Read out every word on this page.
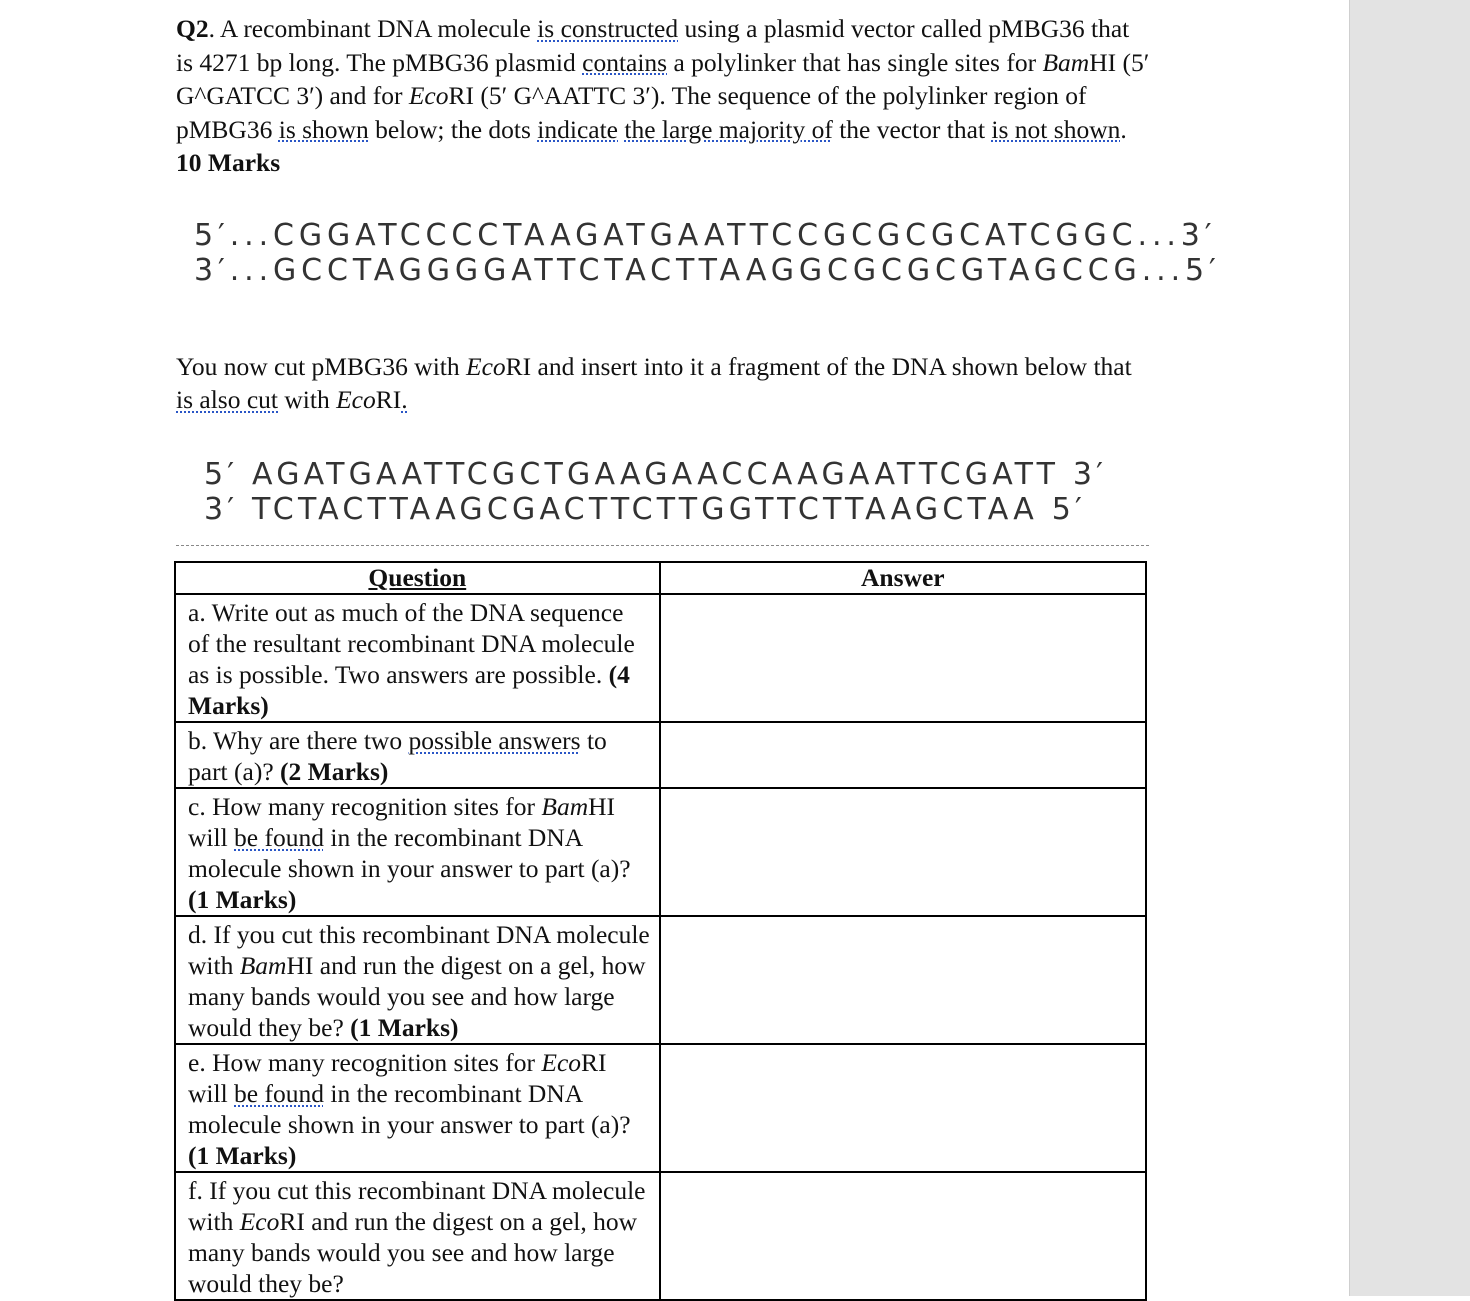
Q2. A recombinant DNA molecule is constructed using a plasmid vector called pMBG36 that is 4271 bp long. The pMBG36 plasmid contains a polylinker that has single sites for BamHI (5′ G^GATCC 3′) and for EcoRI (5′ G^AATTC 3′). The sequence of the polylinker region of pMBG36 is shown below; the dots indicate the large majority of the vector that is not shown. 10 Marks

5′...CGGATCCCCTAAGATGAATTCCGCGCGCATCGGC...3′
3′...GCCTAGGGGATTCTACTTAAGGCGCGCGTAGCCG...5′

You now cut pMBG36 with EcoRI and insert into it a fragment of the DNA shown below that is also cut with EcoRI.

5′ AGATGAATTCGCTGAAGAACCAAGAATTCGATT 3′
3′ TCTACTTAAGCGACTTCTTGGTTCTTAAGCTAA 5′
Question	Answer
a. Write out as much of the DNA sequence of the resultant recombinant DNA molecule as is possible. Two answers are possible. (4 Marks)	
b. Why are there two possible answers to part (a)? (2 Marks)	
c. How many recognition sites for BamHI will be found in the recombinant DNA molecule shown in your answer to part (a)? (1 Marks)	
d. If you cut this recombinant DNA molecule with BamHI and run the digest on a gel, how many bands would you see and how large would they be? (1 Marks)	
e. How many recognition sites for EcoRI will be found in the recombinant DNA molecule shown in your answer to part (a)? (1 Marks)	
f. If you cut this recombinant DNA molecule with EcoRI and run the digest on a gel, how many bands would you see and how large would they be?	
